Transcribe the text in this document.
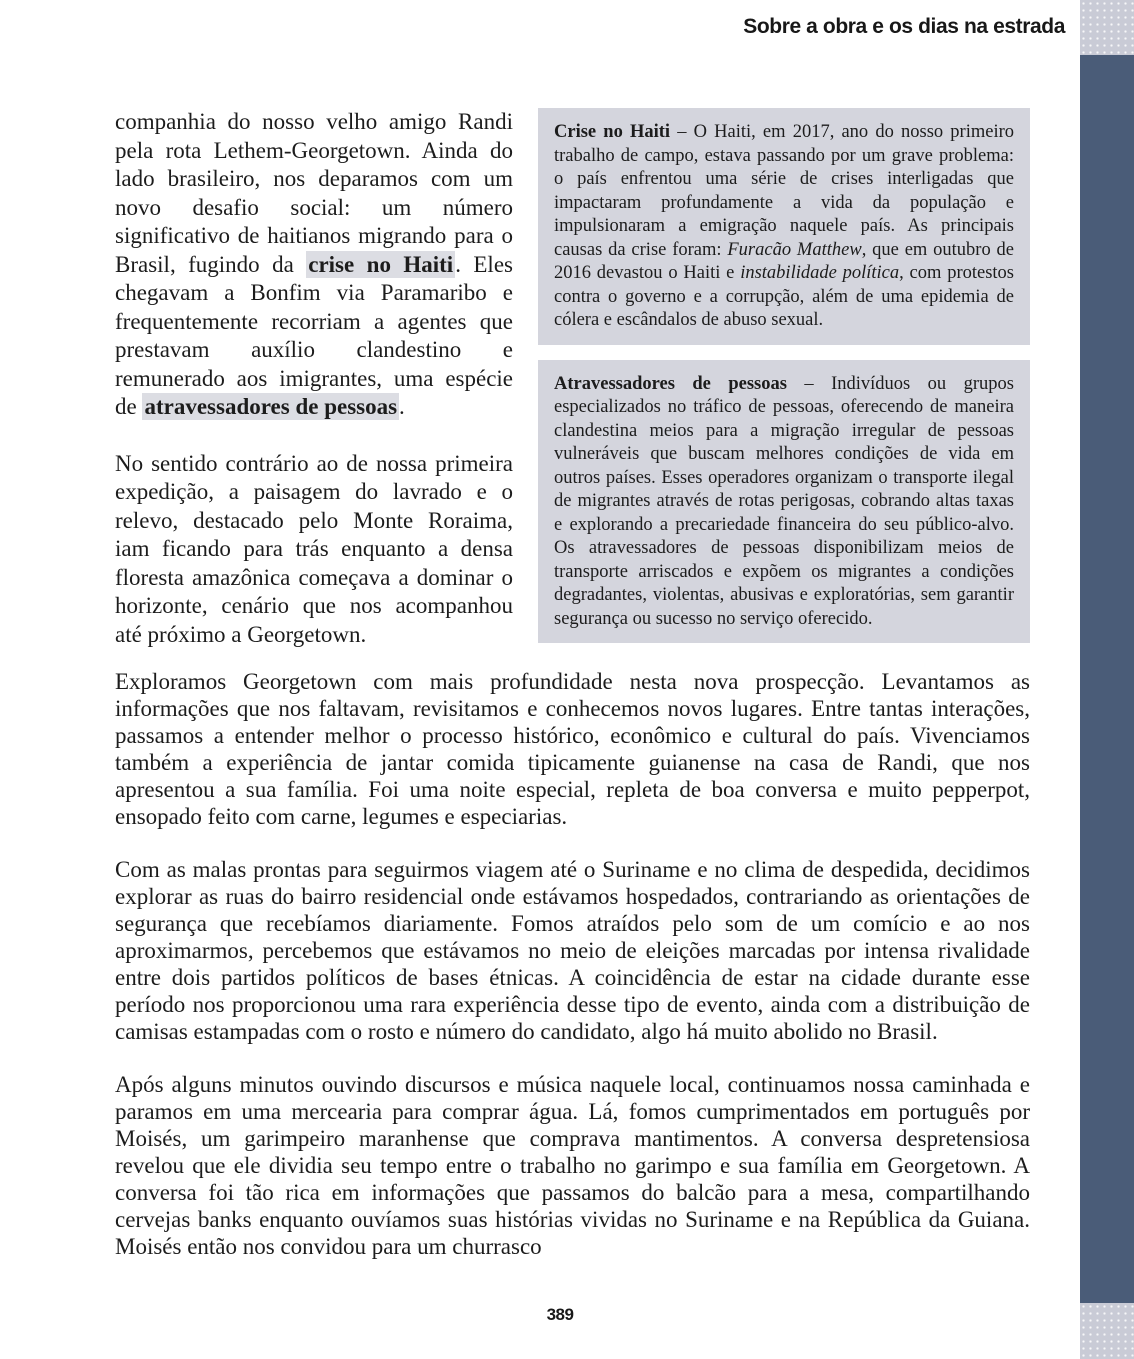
Sobre a obra e os dias na estrada

companhia do nosso velho amigo Randi pela rota Lethem-Georgetown. Ainda do lado brasileiro, nos deparamos com um novo desafio social: um número significativo de haitianos migrando para o Brasil, fugindo da crise no Haiti. Eles chegavam a Bonfim via Paramaribo e frequentemente recorriam a agentes que prestavam auxílio clandestino e remunerado aos imigrantes, uma espécie de atravessadores de pessoas.

No sentido contrário ao de nossa primeira expedição, a paisagem do lavrado e o relevo, destacado pelo Monte Roraima, iam ficando para trás enquanto a densa floresta amazônica começava a dominar o horizonte, cenário que nos acompanhou até próximo a Georgetown.

Crise no Haiti – O Haiti, em 2017, ano do nosso primeiro trabalho de campo, estava passando por um grave problema: o país enfrentou uma série de crises interligadas que impactaram profundamente a vida da população e impulsionaram a emigração naquele país. As principais causas da crise foram: Furacão Matthew, que em outubro de 2016 devastou o Haiti e instabilidade política, com protestos contra o governo e a corrupção, além de uma epidemia de cólera e escândalos de abuso sexual.

Atravessadores de pessoas – Indivíduos ou grupos especializados no tráfico de pessoas, oferecendo de maneira clandestina meios para a migração irregular de pessoas vulneráveis que buscam melhores condições de vida em outros países. Esses operadores organizam o transporte ilegal de migrantes através de rotas perigosas, cobrando altas taxas e explorando a precariedade financeira do seu público-alvo. Os atravessadores de pessoas disponibilizam meios de transporte arriscados e expõem os migrantes a condições degradantes, violentas, abusivas e exploratórias, sem garantir segurança ou sucesso no serviço oferecido.

Exploramos Georgetown com mais profundidade nesta nova prospecção. Levantamos as informações que nos faltavam, revisitamos e conhecemos novos lugares. Entre tantas interações, passamos a entender melhor o processo histórico, econômico e cultural do país. Vivenciamos também a experiência de jantar comida tipicamente guianense na casa de Randi, que nos apresentou a sua família. Foi uma noite especial, repleta de boa conversa e muito pepperpot, ensopado feito com carne, legumes e especiarias.

Com as malas prontas para seguirmos viagem até o Suriname e no clima de despedida, decidimos explorar as ruas do bairro residencial onde estávamos hospedados, contrariando as orientações de segurança que recebíamos diariamente. Fomos atraídos pelo som de um comício e ao nos aproximarmos, percebemos que estávamos no meio de eleições marcadas por intensa rivalidade entre dois partidos políticos de bases étnicas. A coincidência de estar na cidade durante esse período nos proporcionou uma rara experiência desse tipo de evento, ainda com a distribuição de camisas estampadas com o rosto e número do candidato, algo há muito abolido no Brasil.

Após alguns minutos ouvindo discursos e música naquele local, continuamos nossa caminhada e paramos em uma mercearia para comprar água. Lá, fomos cumprimentados em português por Moisés, um garimpeiro maranhense que comprava mantimentos. A conversa despretensiosa revelou que ele dividia seu tempo entre o trabalho no garimpo e sua família em Georgetown. A conversa foi tão rica em informações que passamos do balcão para a mesa, compartilhando cervejas banks enquanto ouvíamos suas histórias vividas no Suriname e na República da Guiana. Moisés então nos convidou para um churrasco

389
